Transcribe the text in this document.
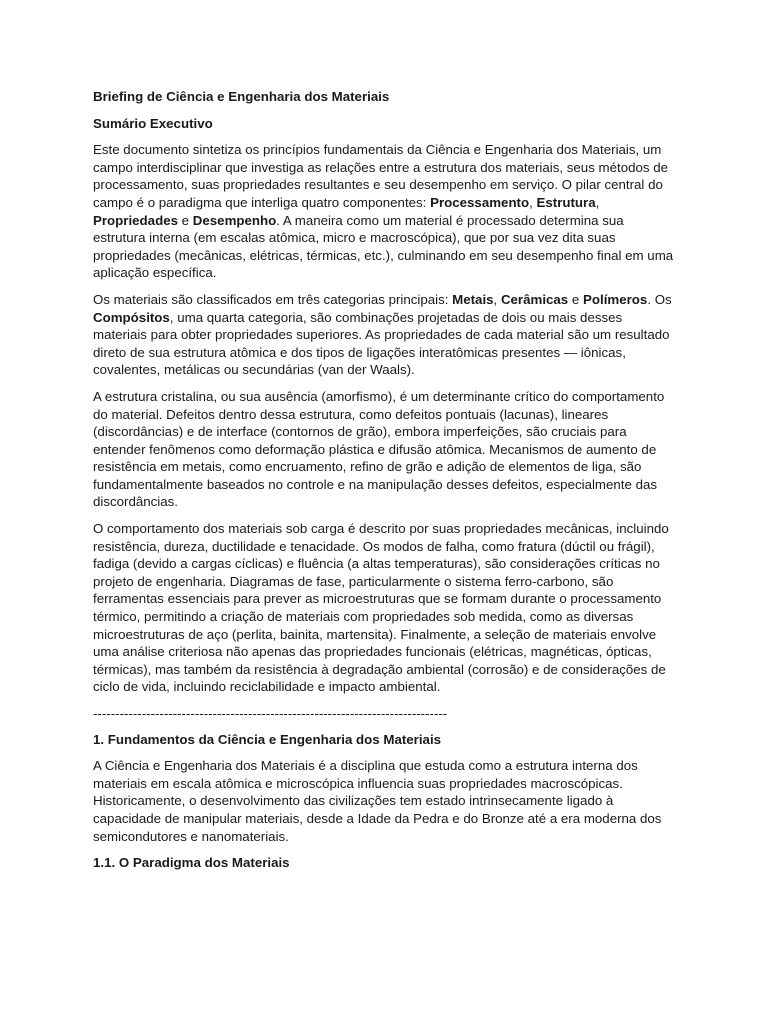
Briefing de Ciência e Engenharia dos Materiais
Sumário Executivo

Este documento sintetiza os princípios fundamentais da Ciência e Engenharia dos Materiais, um campo interdisciplinar que investiga as relações entre a estrutura dos materiais, seus métodos de processamento, suas propriedades resultantes e seu desempenho em serviço. O pilar central do campo é o paradigma que interliga quatro componentes: Processamento, Estrutura, Propriedades e Desempenho. A maneira como um material é processado determina sua estrutura interna (em escalas atômica, micro e macroscópica), que por sua vez dita suas propriedades (mecânicas, elétricas, térmicas, etc.), culminando em seu desempenho final em uma aplicação específica.

Os materiais são classificados em três categorias principais: Metais, Cerâmicas e Polímeros. Os Compósitos, uma quarta categoria, são combinações projetadas de dois ou mais desses materiais para obter propriedades superiores. As propriedades de cada material são um resultado direto de sua estrutura atômica e dos tipos de ligações interatômicas presentes — iônicas, covalentes, metálicas ou secundárias (van der Waals).

A estrutura cristalina, ou sua ausência (amorfismo), é um determinante crítico do comportamento do material. Defeitos dentro dessa estrutura, como defeitos pontuais (lacunas), lineares (discordâncias) e de interface (contornos de grão), embora imperfeições, são cruciais para entender fenômenos como deformação plástica e difusão atômica. Mecanismos de aumento de resistência em metais, como encruamento, refino de grão e adição de elementos de liga, são fundamentalmente baseados no controle e na manipulação desses defeitos, especialmente das discordâncias.

O comportamento dos materiais sob carga é descrito por suas propriedades mecânicas, incluindo resistência, dureza, ductilidade e tenacidade. Os modos de falha, como fratura (dúctil ou frágil), fadiga (devido a cargas cíclicas) e fluência (a altas temperaturas), são considerações críticas no projeto de engenharia. Diagramas de fase, particularmente o sistema ferro-carbono, são ferramentas essenciais para prever as microestruturas que se formam durante o processamento térmico, permitindo a criação de materiais com propriedades sob medida, como as diversas microestruturas de aço (perlita, bainita, martensita). Finalmente, a seleção de materiais envolve uma análise criteriosa não apenas das propriedades funcionais (elétricas, magnéticas, ópticas, térmicas), mas também da resistência à degradação ambiental (corrosão) e de considerações de ciclo de vida, incluindo reciclabilidade e impacto ambiental.

--------------------------------------------------------------------------------
1. Fundamentos da Ciência e Engenharia dos Materiais

A Ciência e Engenharia dos Materiais é a disciplina que estuda como a estrutura interna dos materiais em escala atômica e microscópica influencia suas propriedades macroscópicas. Historicamente, o desenvolvimento das civilizações tem estado intrinsecamente ligado à capacidade de manipular materiais, desde a Idade da Pedra e do Bronze até a era moderna dos semicondutores e nanomateriais.

1.1. O Paradigma dos Materiais
